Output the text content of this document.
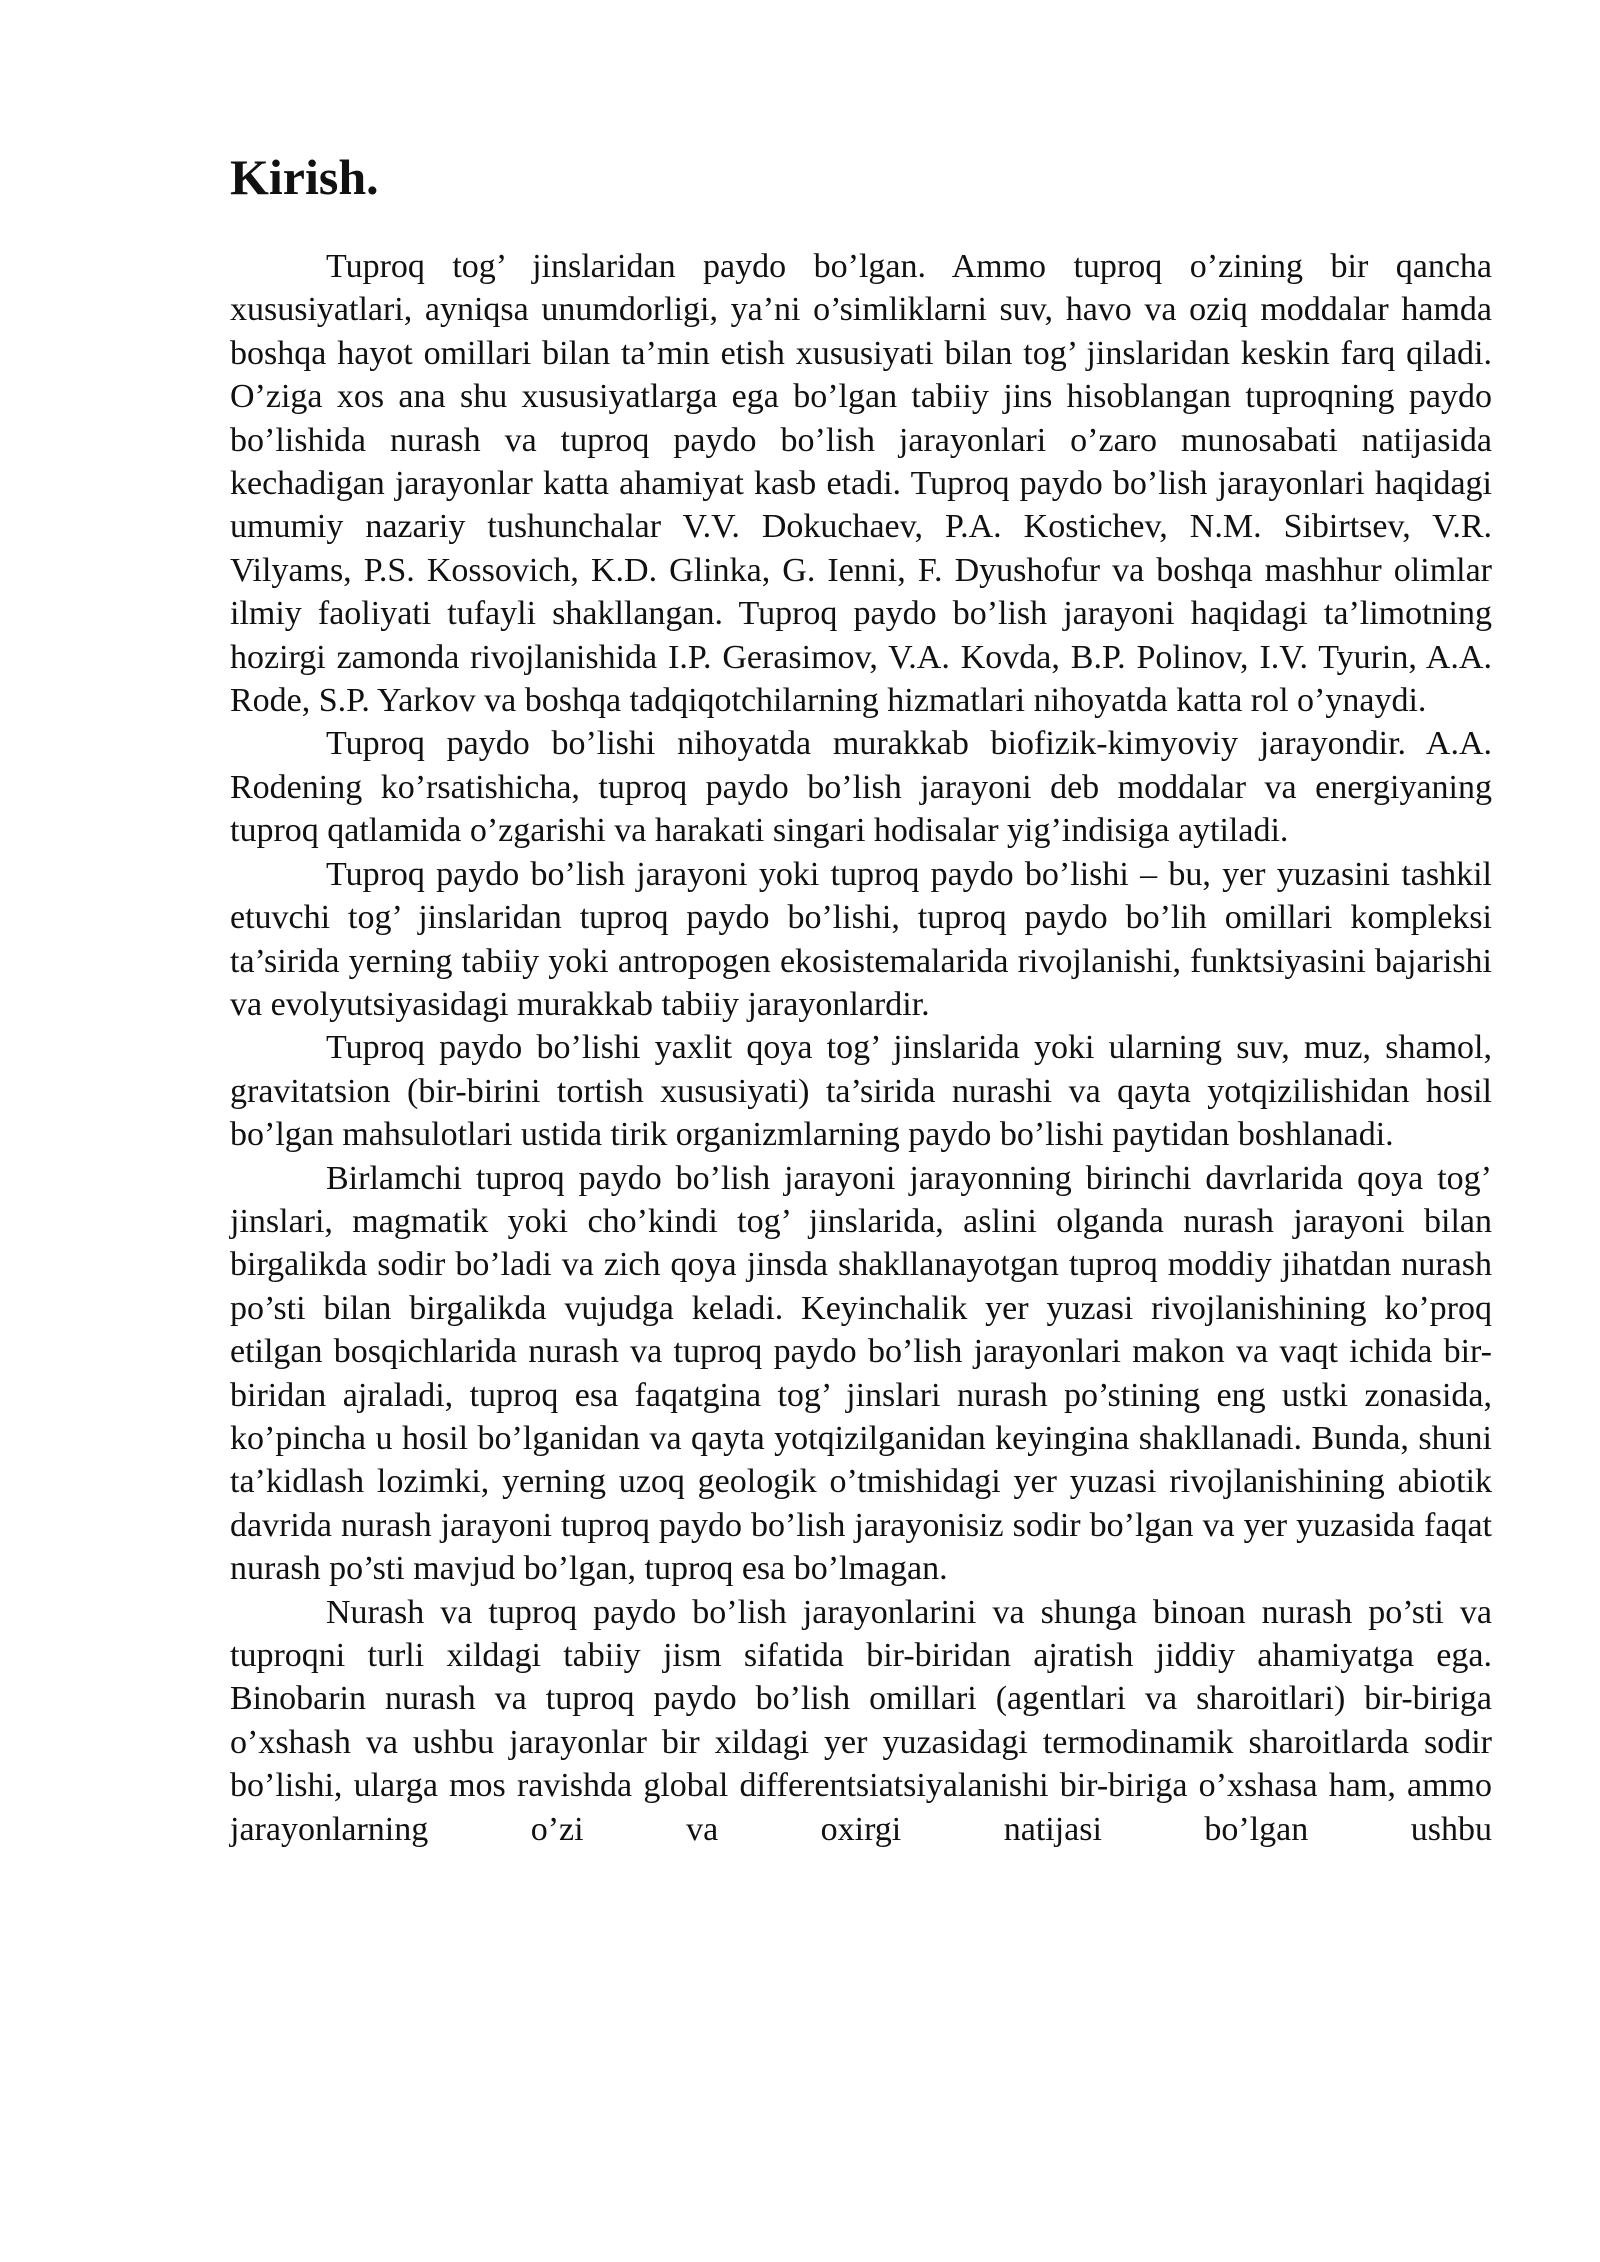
Kirish.

Tuproq tog’ jinslaridan paydo bo’lgan. Ammo tuproq o’zining bir qancha xususiyatlari, ayniqsa unumdorligi, ya’ni o’simliklarni suv, havo va oziq moddalar hamda boshqa hayot omillari bilan ta’min etish xususiyati bilan tog’ jinslaridan keskin farq qiladi. O’ziga xos ana shu xususiyatlarga ega bo’lgan tabiiy jins hisoblangan tuproqning paydo bo’lishida nurash va tuproq paydo bo’lish jarayonlari o’zaro munosabati natijasida kechadigan jarayonlar katta ahamiyat kasb etadi. Tuproq paydo bo’lish jarayonlari haqidagi umumiy nazariy tushunchalar V.V. Dokuchaev, P.A. Kostichev, N.M. Sibirtsev, V.R. Vilyams, P.S. Kossovich, K.D. Glinka, G. Ienni, F. Dyushofur va boshqa mashhur olimlar ilmiy faoliyati tufayli shakllangan. Tuproq paydo bo’lish jarayoni haqidagi ta’limotning hozirgi zamonda rivojlanishida I.P. Gerasimov, V.A. Kovda, B.P. Polinov, I.V. Tyurin, A.A. Rode, S.P. Yarkov va boshqa tadqiqotchilarning hizmatlari nihoyatda katta rol o’ynaydi.

Tuproq paydo bo’lishi nihoyatda murakkab biofizik-kimyoviy jarayondir. A.A. Rodening ko’rsatishicha, tuproq paydo bo’lish jarayoni deb moddalar va energiyaning tuproq qatlamida o’zgarishi va harakati singari hodisalar yig’indisiga aytiladi.

Tuproq paydo bo’lish jarayoni yoki tuproq paydo bo’lishi – bu, yer yuzasini tashkil etuvchi tog’ jinslaridan tuproq paydo bo’lishi, tuproq paydo bo’lih omillari kompleksi ta’sirida yerning tabiiy yoki antropogen ekosistemalarida rivojlanishi, funktsiyasini bajarishi va evolyutsiyasidagi murakkab tabiiy jarayonlardir.

Tuproq paydo bo’lishi yaxlit qoya tog’ jinslarida yoki ularning suv, muz, shamol, gravitatsion (bir-birini tortish xususiyati) ta’sirida nurashi va qayta yotqizilishidan hosil bo’lgan mahsulotlari ustida tirik organizmlarning paydo bo’lishi paytidan boshlanadi.

Birlamchi tuproq paydo bo’lish jarayoni jarayonning birinchi davrlarida qoya tog’ jinslari, magmatik yoki cho’kindi tog’ jinslarida, aslini olganda nurash jarayoni bilan birgalikda sodir bo’ladi va zich qoya jinsda shakllanayotgan tuproq moddiy jihatdan nurash po’sti bilan birgalikda vujudga keladi. Keyinchalik yer yuzasi rivojlanishining ko’proq etilgan bosqichlarida nurash va tuproq paydo bo’lish jarayonlari makon va vaqt ichida bir-biridan ajraladi, tuproq esa faqatgina tog’ jinslari nurash po’stining eng ustki zonasida, ko’pincha u hosil bo’lganidan va qayta yotqizilganidan keyingina shakllanadi. Bunda, shuni ta’kidlash lozimki, yerning uzoq geologik o’tmishidagi yer yuzasi rivojlanishining abiotik davrida nurash jarayoni tuproq paydo bo’lish jarayonisiz sodir bo’lgan va yer yuzasida faqat nurash po’sti mavjud bo’lgan, tuproq esa bo’lmagan.

Nurash va tuproq paydo bo’lish jarayonlarini va shunga binoan nurash po’sti va tuproqni turli xildagi tabiiy jism sifatida bir-biridan ajratish jiddiy ahamiyatga ega. Binobarin nurash va tuproq paydo bo’lish omillari (agentlari va sharoitlari) bir-biriga o’xshash va ushbu jarayonlar bir xildagi yer yuzasidagi termodinamik sharoitlarda sodir bo’lishi, ularga mos ravishda global differentsiatsiyalanishi bir-biriga o’xshasa ham, ammo jarayonlarning o’zi va oxirgi natijasi bo’lgan ushbu
